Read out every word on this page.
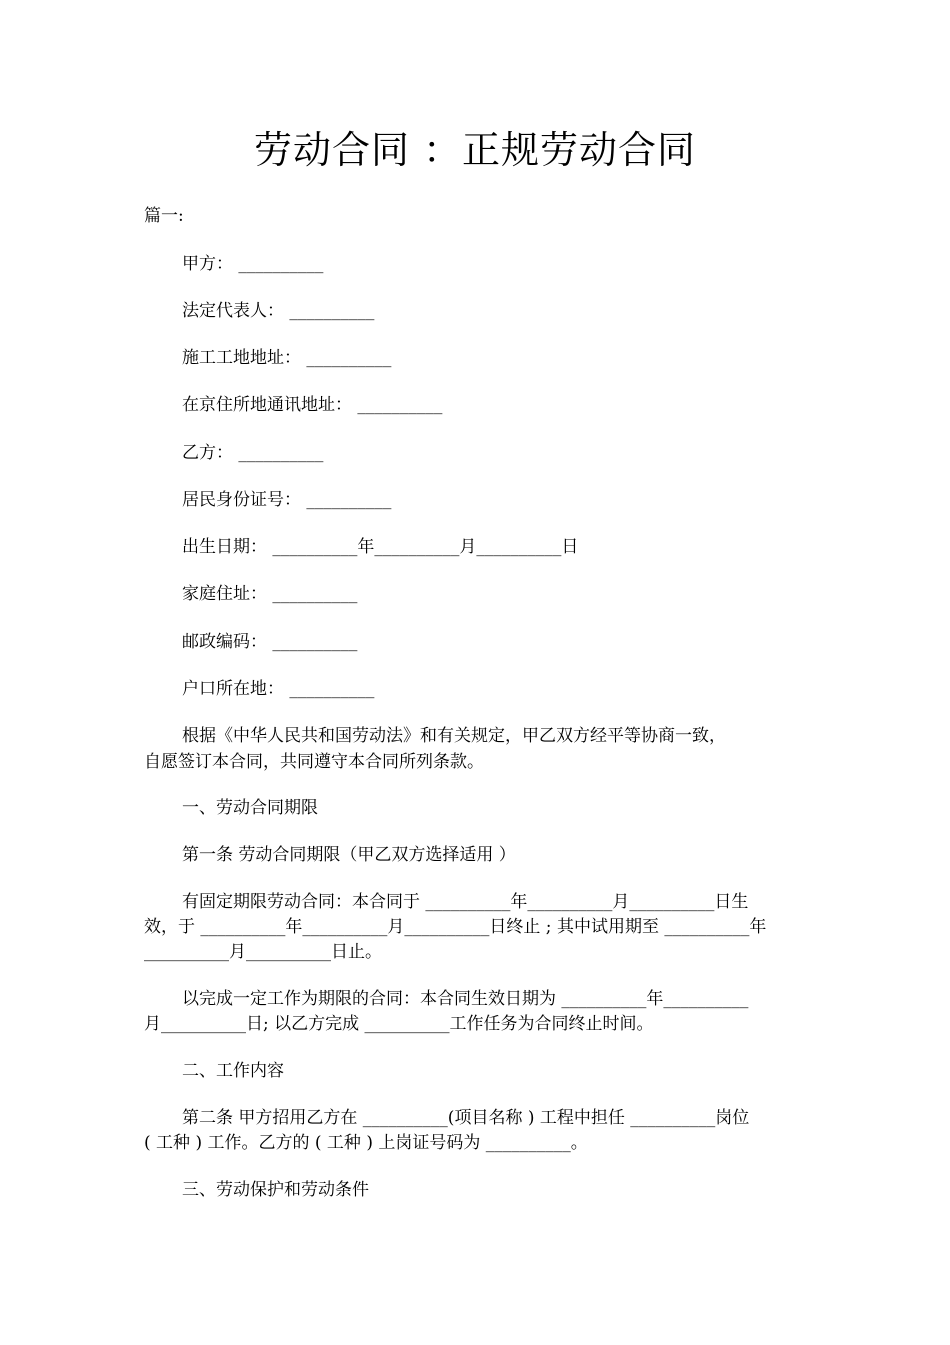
劳动合同 ：正规劳动合同
篇一:
甲方： __________
法定代表人： __________
施工工地地址： __________
在京住所地通讯地址： __________
乙方： __________
居民身份证号： __________
出生日期： __________年__________月__________日
家庭住址： __________
邮政编码： __________
户口所在地： __________
根据《中华人民共和国劳动法》和有关规定，甲乙双方经平等协商一致，
自愿签订本合同，共同遵守本合同所列条款。
一、劳动合同期限
第一条 劳动合同期限（甲乙双方选择适用 ）
有固定期限劳动合同：本合同于 __________年__________月__________日生
效，于 __________年__________月__________日终止 ; 其中试用期至 __________年
__________月__________日止。
以完成一定工作为期限的合同：本合同生效日期为 __________年__________
月__________日; 以乙方完成 __________工作任务为合同终止时间。
二、工作内容
第二条 甲方招用乙方在 __________(项目名称 ) 工程中担任 __________岗位
( 工种 ) 工作。乙方的 ( 工种 ) 上岗证号码为 __________。
三、劳动保护和劳动条件
